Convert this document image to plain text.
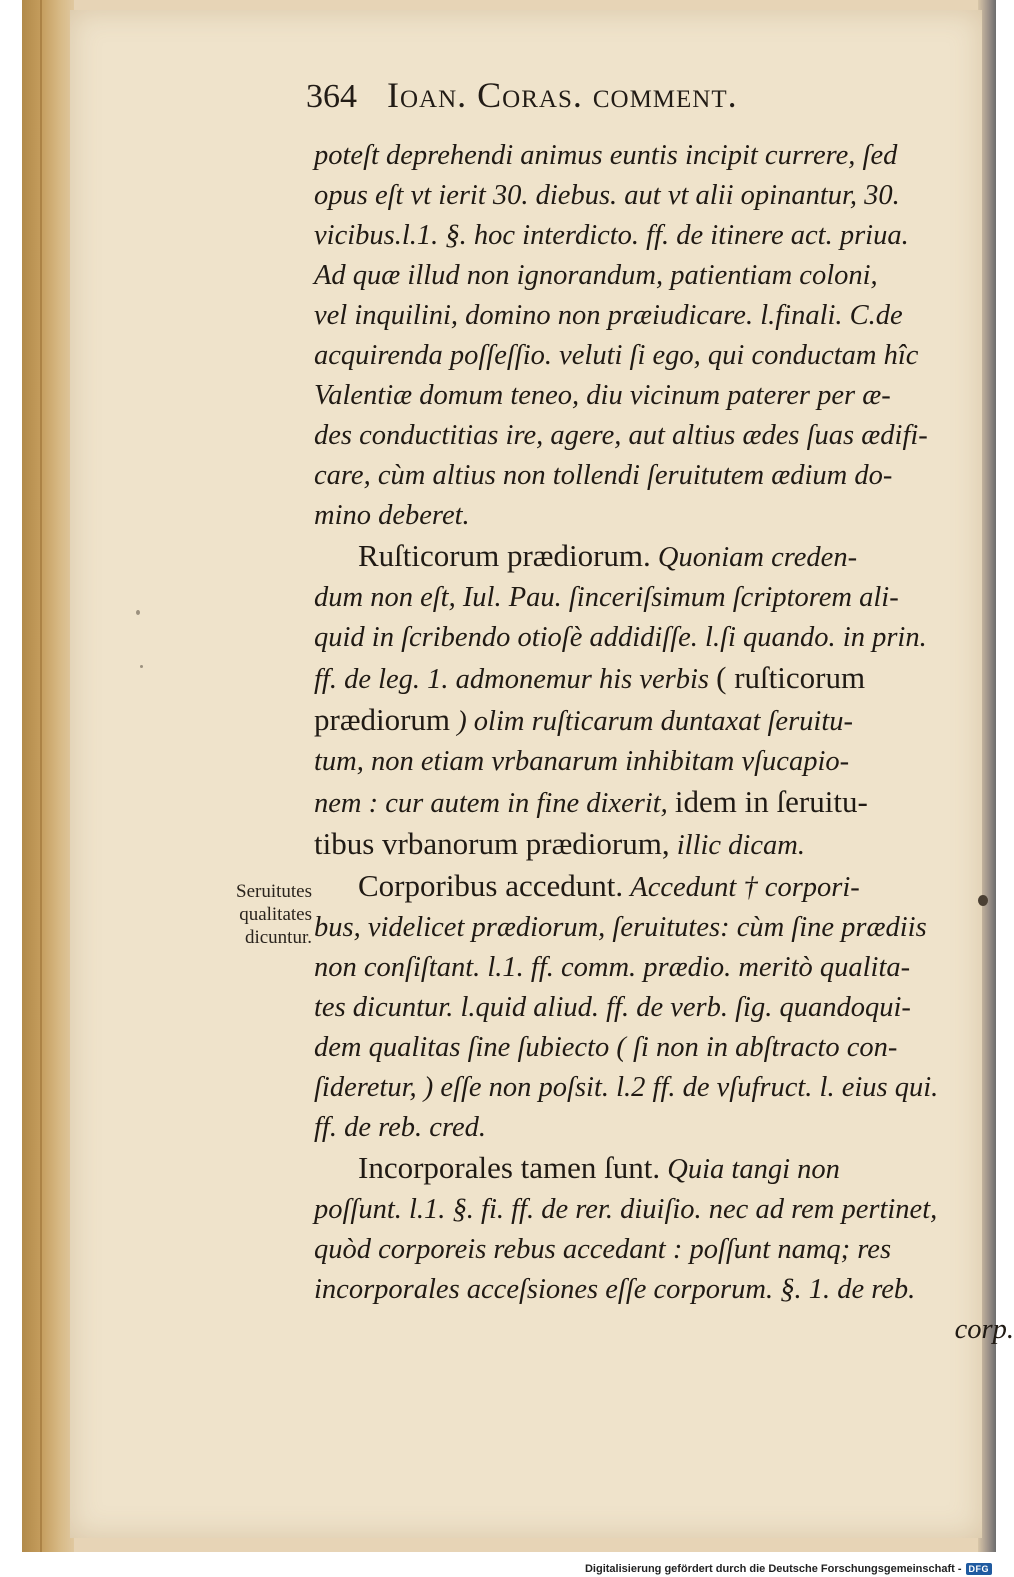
364 Ioan. Coras. comment.
Seruitutes
qualitates
dicuntur.
poteſt deprehendi animus euntis incipit currere, ſed
opus eſt vt ierit 30. diebus. aut vt alii opinantur, 30.
vicibus.l.1. §. hoc interdicto. ff. de itinere act. priua.
Ad quæ illud non ignorandum, patientiam coloni,
vel inquilini, domino non præiudicare. l.finali. C.de
acquirenda poſſeſſio. veluti ſi ego, qui conductam hîc
Valentiæ domum teneo, diu vicinum paterer per æ-
des conductitias ire, agere, aut altius ædes ſuas ædifi-
care, cùm altius non tollendi ſeruitutem ædium do-
mino deberet.
Ruſticorum prædiorum. Quoniam creden-
dum non eſt, Iul. Pau. ſinceriſsimum ſcriptorem ali-
quid in ſcribendo otioſè addidiſſe. l.ſi quando. in prin.
ff. de leg. 1. admonemur his verbis ( ruſticorum
prædiorum ) olim ruſticarum duntaxat ſeruitu-
tum, non etiam vrbanarum inhibitam vſucapio-
nem : cur autem in fine dixerit, idem in ſeruitu-
tibus vrbanorum prædiorum, illic dicam.
Corporibus accedunt. Accedunt † corpori-
bus, videlicet prædiorum, ſeruitutes: cùm ſine prædiis
non conſiſtant. l.1. ff. comm. prædio. meritò qualita-
tes dicuntur. l.quid aliud. ff. de verb. ſig. quandoqui-
dem qualitas ſine ſubiecto ( ſi non in abſtracto con-
ſideretur, ) eſſe non poſsit. l.2 ff. de vſufruct. l. eius qui.
ff. de reb. cred.
Incorporales tamen ſunt. Quia tangi non
poſſunt. l.1. §. fi. ff. de rer. diuiſio. nec ad rem pertinet,
quòd corporeis rebus accedant : poſſunt namq; res
incorporales acceſsiones eſſe corporum. §. 1. de reb.
corp.
Digitalisierung gefördert durch die Deutsche Forschungsgemeinschaft - DFG
